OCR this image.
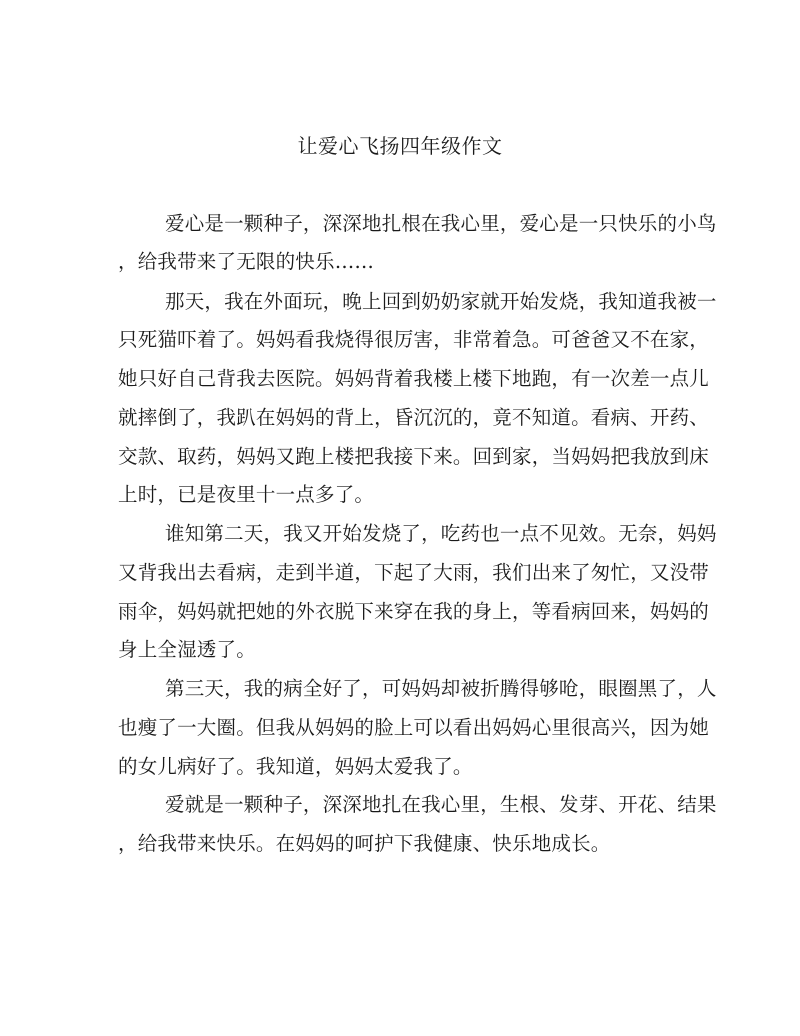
让爱心飞扬四年级作文
爱心是一颗种子，深深地扎根在我心里，爱心是一只快乐的小鸟
，给我带来了无限的快乐……
那天，我在外面玩，晚上回到奶奶家就开始发烧，我知道我被一
只死猫吓着了。妈妈看我烧得很厉害，非常着急。可爸爸又不在家，
她只好自己背我去医院。妈妈背着我楼上楼下地跑，有一次差一点儿
就摔倒了，我趴在妈妈的背上，昏沉沉的，竟不知道。看病、开药、
交款、取药，妈妈又跑上楼把我接下来。回到家，当妈妈把我放到床
上时，已是夜里十一点多了。
谁知第二天，我又开始发烧了，吃药也一点不见效。无奈，妈妈
又背我出去看病，走到半道，下起了大雨，我们出来了匆忙，又没带
雨伞，妈妈就把她的外衣脱下来穿在我的身上，等看病回来，妈妈的
身上全湿透了。
第三天，我的病全好了，可妈妈却被折腾得够呛，眼圈黑了，人
也瘦了一大圈。但我从妈妈的脸上可以看出妈妈心里很高兴，因为她
的女儿病好了。我知道，妈妈太爱我了。
爱就是一颗种子，深深地扎在我心里，生根、发芽、开花、结果
，给我带来快乐。在妈妈的呵护下我健康、快乐地成长。
